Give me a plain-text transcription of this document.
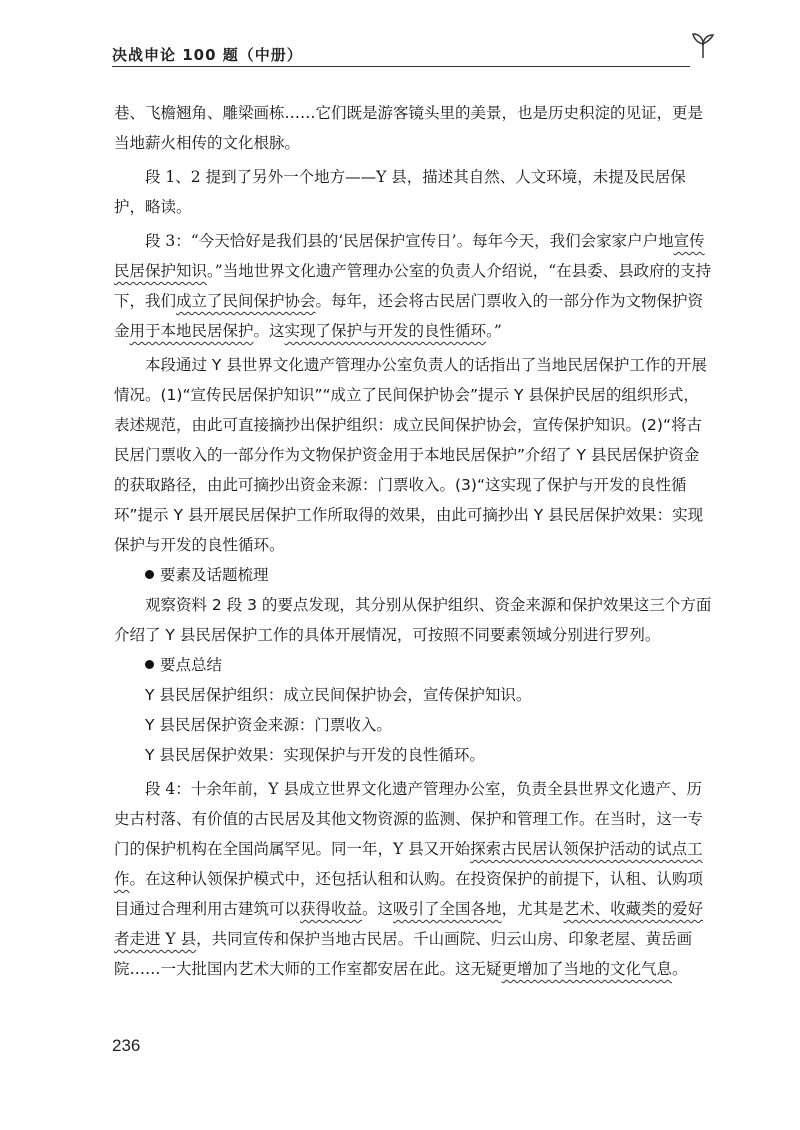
决战申论 100 题（中册）

巷、飞檐翘角、雕梁画栋……它们既是游客镜头里的美景，也是历史积淀的见证，更是当地薪火相传的文化根脉。

段 1、2 提到了另外一个地方——Y 县，描述其自然、人文环境，未提及民居保护，略读。

段 3：“今天恰好是我们县的‘民居保护宣传日’。每年今天，我们会家家户户地宣传民居保护知识。”当地世界文化遗产管理办公室的负责人介绍说，“在县委、县政府的支持下，我们成立了民间保护协会。每年，还会将古民居门票收入的一部分作为文物保护资金用于本地民居保护。这实现了保护与开发的良性循环。”

本段通过 Y 县世界文化遗产管理办公室负责人的话指出了当地民居保护工作的开展情况。(1)“宣传民居保护知识”“成立了民间保护协会”提示 Y 县保护民居的组织形式，表述规范，由此可直接摘抄出保护组织：成立民间保护协会，宣传保护知识。(2)“将古民居门票收入的一部分作为文物保护资金用于本地民居保护”介绍了 Y 县民居保护资金的获取路径，由此可摘抄出资金来源：门票收入。(3)“这实现了保护与开发的良性循环”提示 Y 县开展民居保护工作所取得的效果，由此可摘抄出 Y 县民居保护效果：实现保护与开发的良性循环。

要素及话题梳理

观察资料 2 段 3 的要点发现，其分别从保护组织、资金来源和保护效果这三个方面介绍了 Y 县民居保护工作的具体开展情况，可按照不同要素领域分别进行罗列。

要点总结

Y 县民居保护组织：成立民间保护协会，宣传保护知识。

Y 县民居保护资金来源：门票收入。

Y 县民居保护效果：实现保护与开发的良性循环。

段 4：十余年前，Y 县成立世界文化遗产管理办公室，负责全县世界文化遗产、历史古村落、有价值的古民居及其他文物资源的监测、保护和管理工作。在当时，这一专门的保护机构在全国尚属罕见。同一年，Y 县又开始探索古民居认领保护活动的试点工作。在这种认领保护模式中，还包括认租和认购。在投资保护的前提下，认租、认购项目通过合理利用古建筑可以获得收益。这吸引了全国各地，尤其是艺术、收藏类的爱好者走进 Y 县，共同宣传和保护当地古民居。千山画院、归云山房、印象老屋、黄岳画院……一大批国内艺术大师的工作室都安居在此。这无疑更增加了当地的文化气息。

236
